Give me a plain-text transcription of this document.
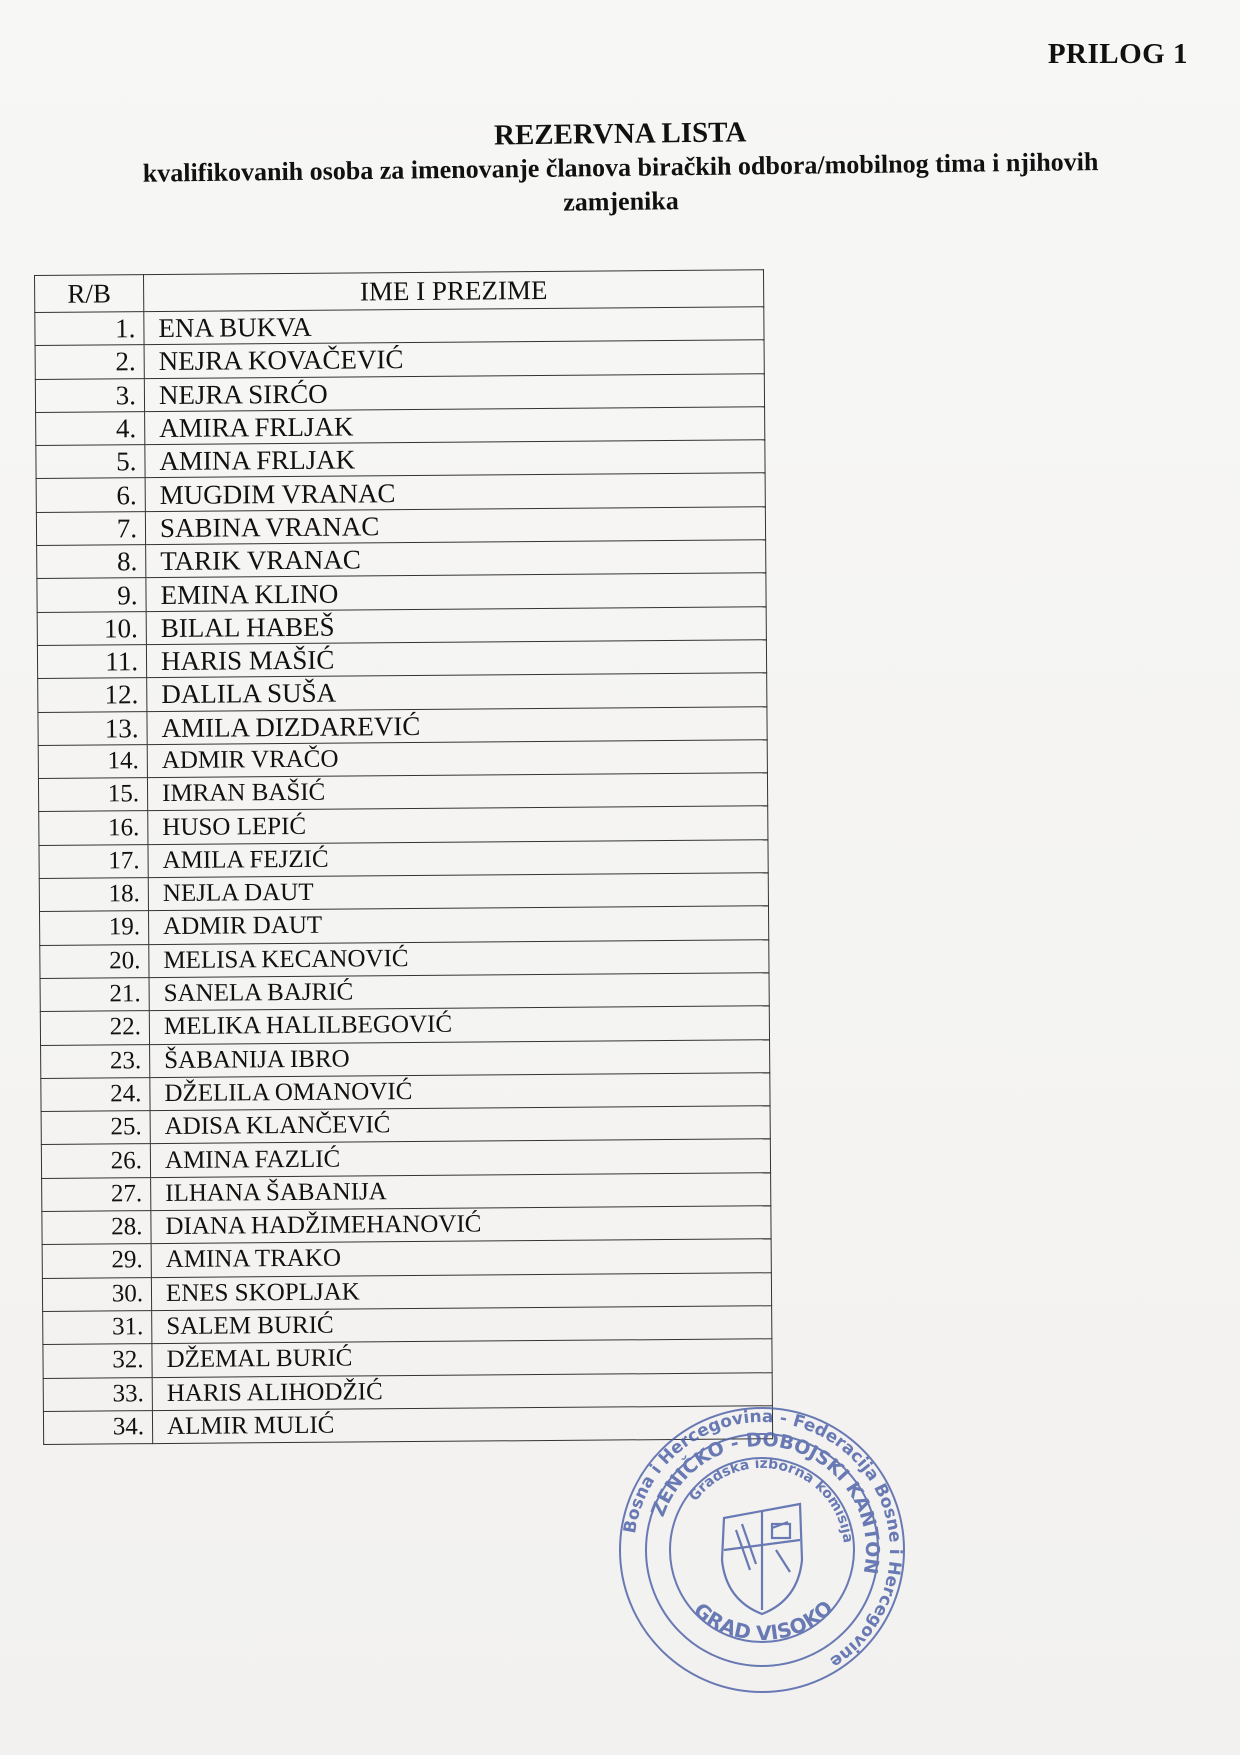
PRILOG 1
REZERVNA LISTA
kvalifikovanih osoba za imenovanje članova biračkih odbora/mobilnog tima i njihovih
zamjenika
R/B	IME I PREZIME
1.	ENA BUKVA
2.	NEJRA KOVAČEVIĆ
3.	NEJRA SIRĆO
4.	AMIRA FRLJAK
5.	AMINA FRLJAK
6.	MUGDIM VRANAC
7.	SABINA VRANAC
8.	TARIK VRANAC
9.	EMINA KLINO
10.	BILAL HABEŠ
11.	HARIS MAŠIĆ
12.	DALILA SUŠA
13.	AMILA DIZDAREVIĆ
14.	ADMIR VRAČO
15.	IMRAN BAŠIĆ
16.	HUSO LEPIĆ
17.	AMILA FEJZIĆ
18.	NEJLA DAUT
19.	ADMIR DAUT
20.	MELISA KECANOVIĆ
21.	SANELA BAJRIĆ
22.	MELIKA HALILBEGOVIĆ
23.	ŠABANIJA IBRO
24.	DŽELILA OMANOVIĆ
25.	ADISA KLANČEVIĆ
26.	AMINA FAZLIĆ
27.	ILHANA ŠABANIJA
28.	DIANA HADŽIMEHANOVIĆ
29.	AMINA TRAKO
30.	ENES SKOPLJAK
31.	SALEM BURIĆ
32.	DŽEMAL BURIĆ
33.	HARIS ALIHODŽIĆ
34.	ALMIR MULIĆ
Bosna i Hercegovina - Federacija Bosne i Hercegovine
ZENIČKO - DOBOJSKI KANTON
Gradska izborna komisija
GRAD VISOKO
